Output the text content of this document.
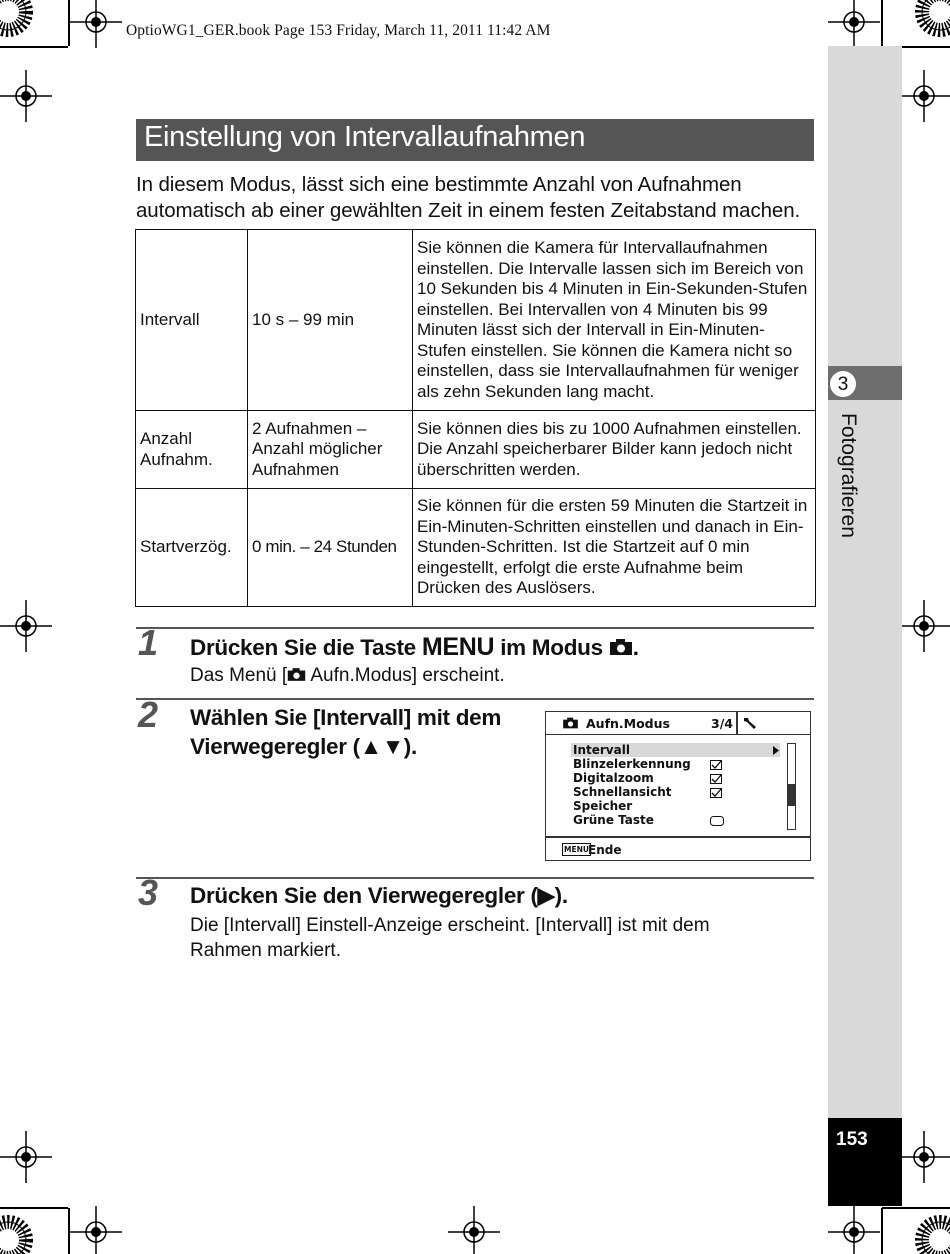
OptioWG1_GER.book Page 153 Friday, March 11, 2011 11:42 AM
3
Fotografieren
153
Einstellung von Intervallaufnahmen
In diesem Modus, lässt sich eine bestimmte Anzahl von Aufnahmen automatisch ab einer gewählten Zeit in einem festen Zeitabstand machen.
Intervall	10 s – 99 min	Sie können die Kamera für Intervallaufnahmen einstellen. Die Intervalle lassen sich im Bereich von 10 Sekunden bis 4 Minuten in Ein-Sekunden-Stufen einstellen. Bei Intervallen von 4 Minuten bis 99 Minuten lässt sich der Intervall in Ein-Minuten-Stufen einstellen. Sie können die Kamera nicht so einstellen, dass sie Intervallaufnahmen für weniger als zehn Sekunden lang macht.
Anzahl Aufnahm.	2 Aufnahmen – Anzahl möglicher Aufnahmen	Sie können dies bis zu 1000 Aufnahmen einstellen. Die Anzahl speicherbarer Bilder kann jedoch nicht überschritten werden.
Startverzög.	0 min. – 24 Stunden	Sie können für die ersten 59 Minuten die Startzeit in Ein-Minuten-Schritten einstellen und danach in Ein-Stunden-Schritten. Ist die Startzeit auf 0 min eingestellt, erfolgt die erste Aufnahme beim Drücken des Auslösers.
1 Drücken Sie die Taste MENU im Modus .
Das Menü [ Aufn.Modus] erscheint.
2 Wählen Sie [Intervall] mit dem
Vierwegeregler (▲▼).
Aufn.Modus	3/4
Intervall
Blinzelerkennung
Digitalzoom
Schnellansicht
Speicher
Grüne Taste
MENU Ende
3 Drücken Sie den Vierwegeregler (▶).
Die [Intervall] Einstell-Anzeige erscheint. [Intervall] ist mit dem
Rahmen markiert.
